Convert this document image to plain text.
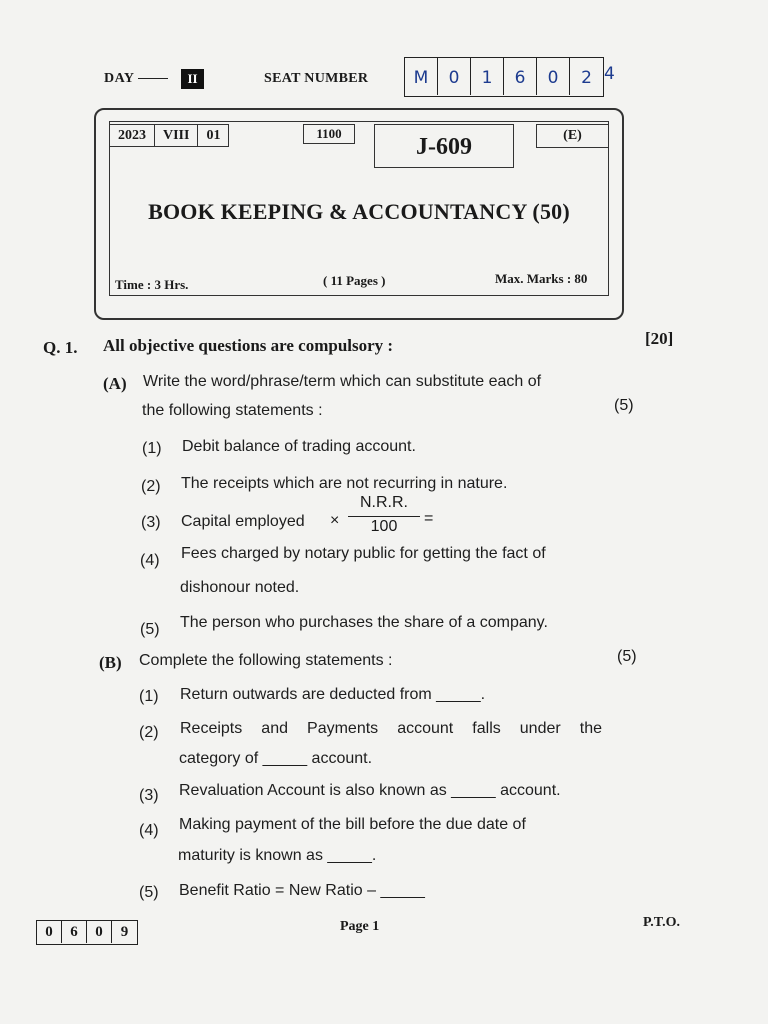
DAY	II	SEAT NUMBER	M	0	1	6	0	2 4
2023	VIII	01	1100
J-609	(E)
BOOK KEEPING & ACCOUNTANCY (50)
Time : 3 Hrs.	( 11 Pages )	Max. Marks : 80
Q. 1. All objective questions are compulsory :	[20]
(A) Write the word/phrase/term which can substitute each of
the following statements :	(5)
(1) Debit balance of trading account.
(2) The receipts which are not recurring in nature.
(3) Capital employed ×
N.R.R.
100	=
(4) Fees charged by notary public for getting the fact of
dishonour noted.
(5) The person who purchases the share of a company.
(B) Complete the following statements :	(5)
(1) Return outwards are deducted from _____.
(2) Receipts and Payments account falls under the
category of _____ account.
(3) Revaluation Account is also known as _____ account.
(4) Making payment of the bill before the due date of
maturity is known as _____.
(5) Benefit Ratio = New Ratio – _____
0	6	0	9	Page 1	P.T.O.
